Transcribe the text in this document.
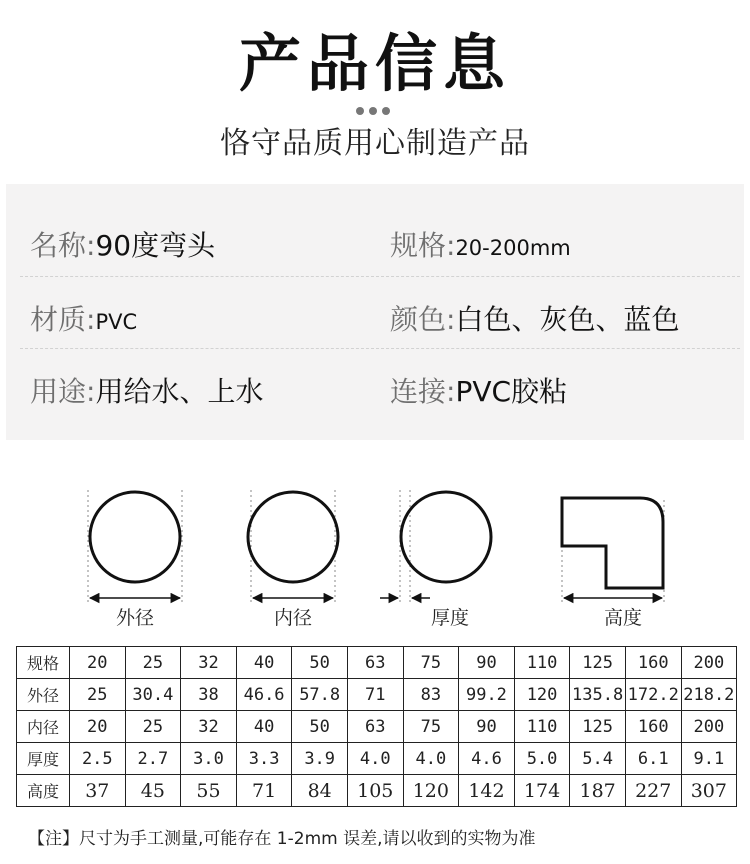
产品信息
恪守品质用心制造产品
名称:90度弯头	规格:20-200mm
材质:PVC	颜色:白色、灰色、蓝色
用途:用给水、上水	连接:PVC胶粘
外径	内径	厚度	高度
规格	20	25	32	40	50	63	75	90	110	125	160	200
外径	25	30.4	38	46.6	57.8	71	83	99.2	120	135.8	172.2	218.2
内径	20	25	32	40	50	63	75	90	110	125	160	200
厚度	2.5	2.7	3.0	3.3	3.9	4.0	4.0	4.6	5.0	5.4	6.1	9.1
高度	37	45	55	71	84	105	120	142	174	187	227	307
【注】尺寸为手工测量,可能存在 1-2mm 误差,请以收到的实物为准
